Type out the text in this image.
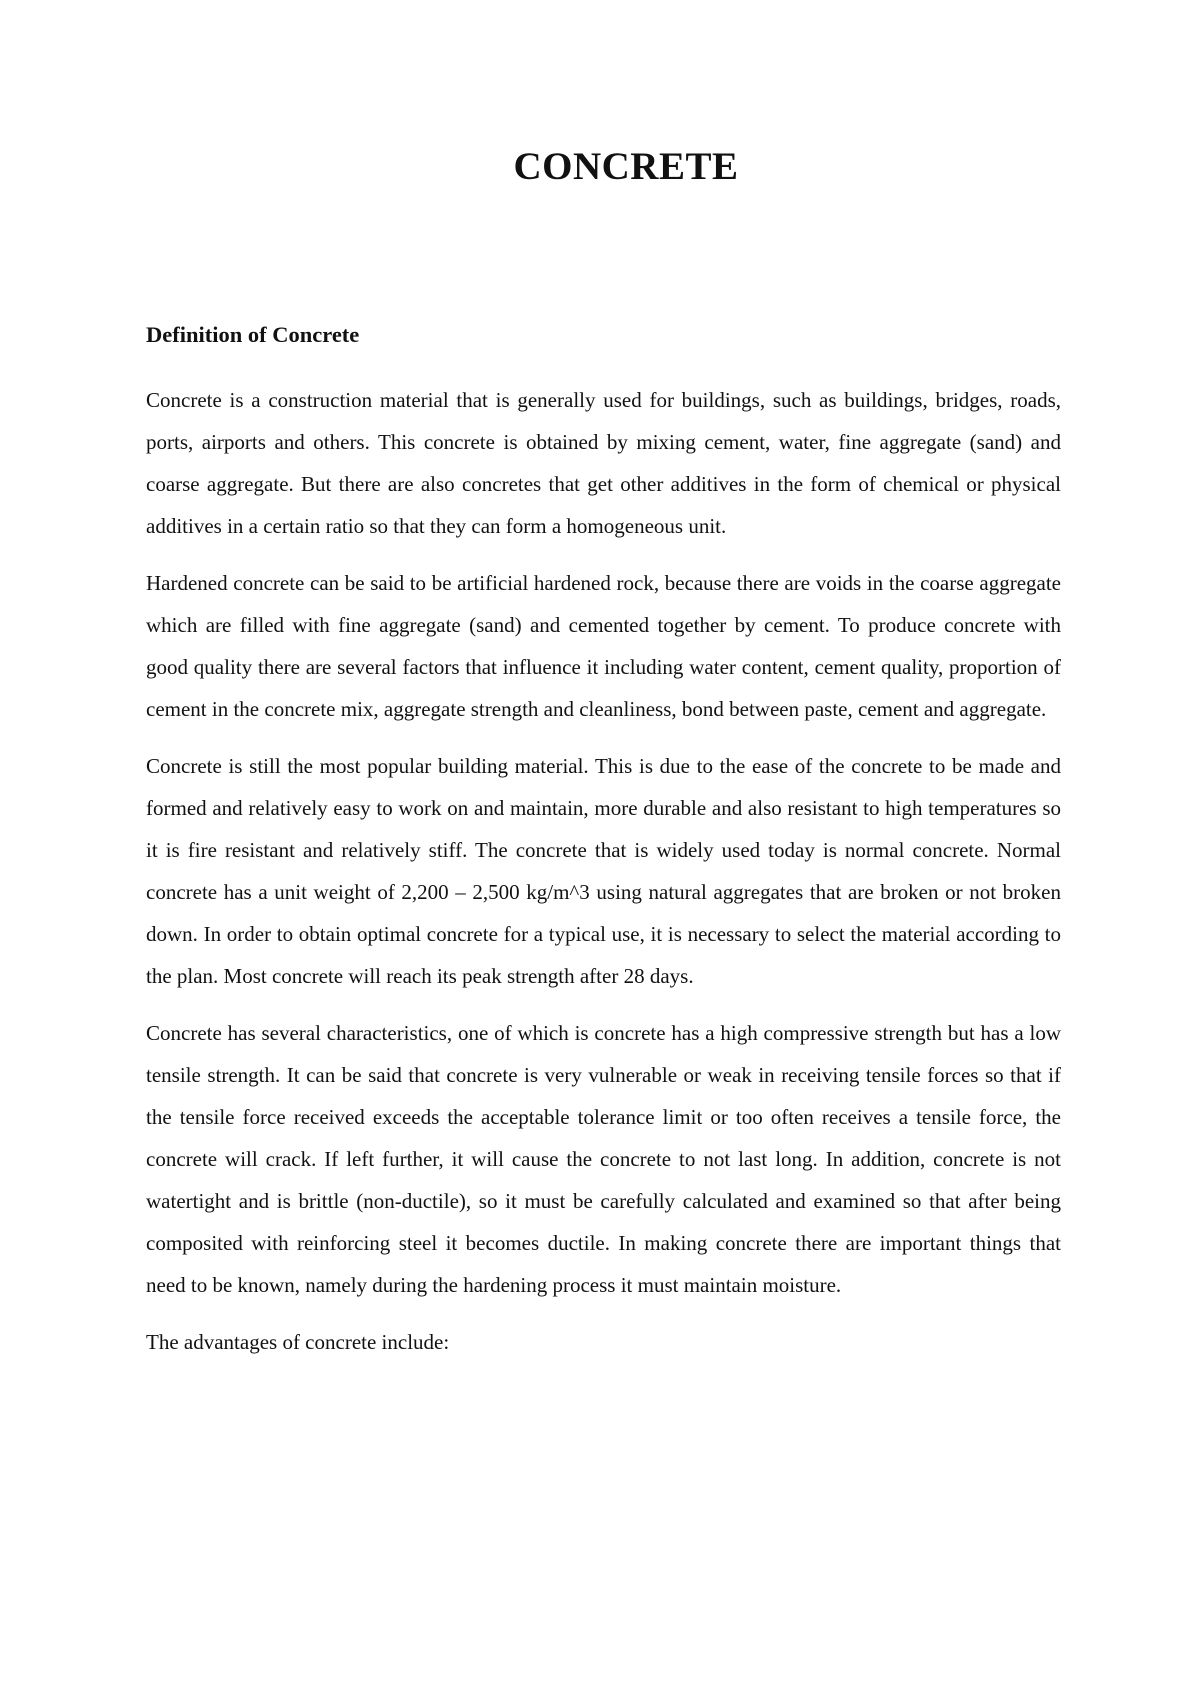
CONCRETE
Definition of Concrete

Concrete is a construction material that is generally used for buildings, such as buildings, bridges, roads, ports, airports and others. This concrete is obtained by mixing cement, water, fine aggregate (sand) and coarse aggregate. But there are also concretes that get other additives in the form of chemical or physical additives in a certain ratio so that they can form a homogeneous unit.

Hardened concrete can be said to be artificial hardened rock, because there are voids in the coarse aggregate which are filled with fine aggregate (sand) and cemented together by cement. To produce concrete with good quality there are several factors that influence it including water content, cement quality, proportion of cement in the concrete mix, aggregate strength and cleanliness, bond between paste, cement and aggregate.

Concrete is still the most popular building material. This is due to the ease of the concrete to be made and formed and relatively easy to work on and maintain, more durable and also resistant to high temperatures so it is fire resistant and relatively stiff. The concrete that is widely used today is normal concrete. Normal concrete has a unit weight of 2,200 – 2,500 kg/m^3 using natural aggregates that are broken or not broken down. In order to obtain optimal concrete for a typical use, it is necessary to select the material according to the plan. Most concrete will reach its peak strength after 28 days.

Concrete has several characteristics, one of which is concrete has a high compressive strength but has a low tensile strength. It can be said that concrete is very vulnerable or weak in receiving tensile forces so that if the tensile force received exceeds the acceptable tolerance limit or too often receives a tensile force, the concrete will crack. If left further, it will cause the concrete to not last long. In addition, concrete is not watertight and is brittle (non-ductile), so it must be carefully calculated and examined so that after being composited with reinforcing steel it becomes ductile. In making concrete there are important things that need to be known, namely during the hardening process it must maintain moisture.

The advantages of concrete include:
